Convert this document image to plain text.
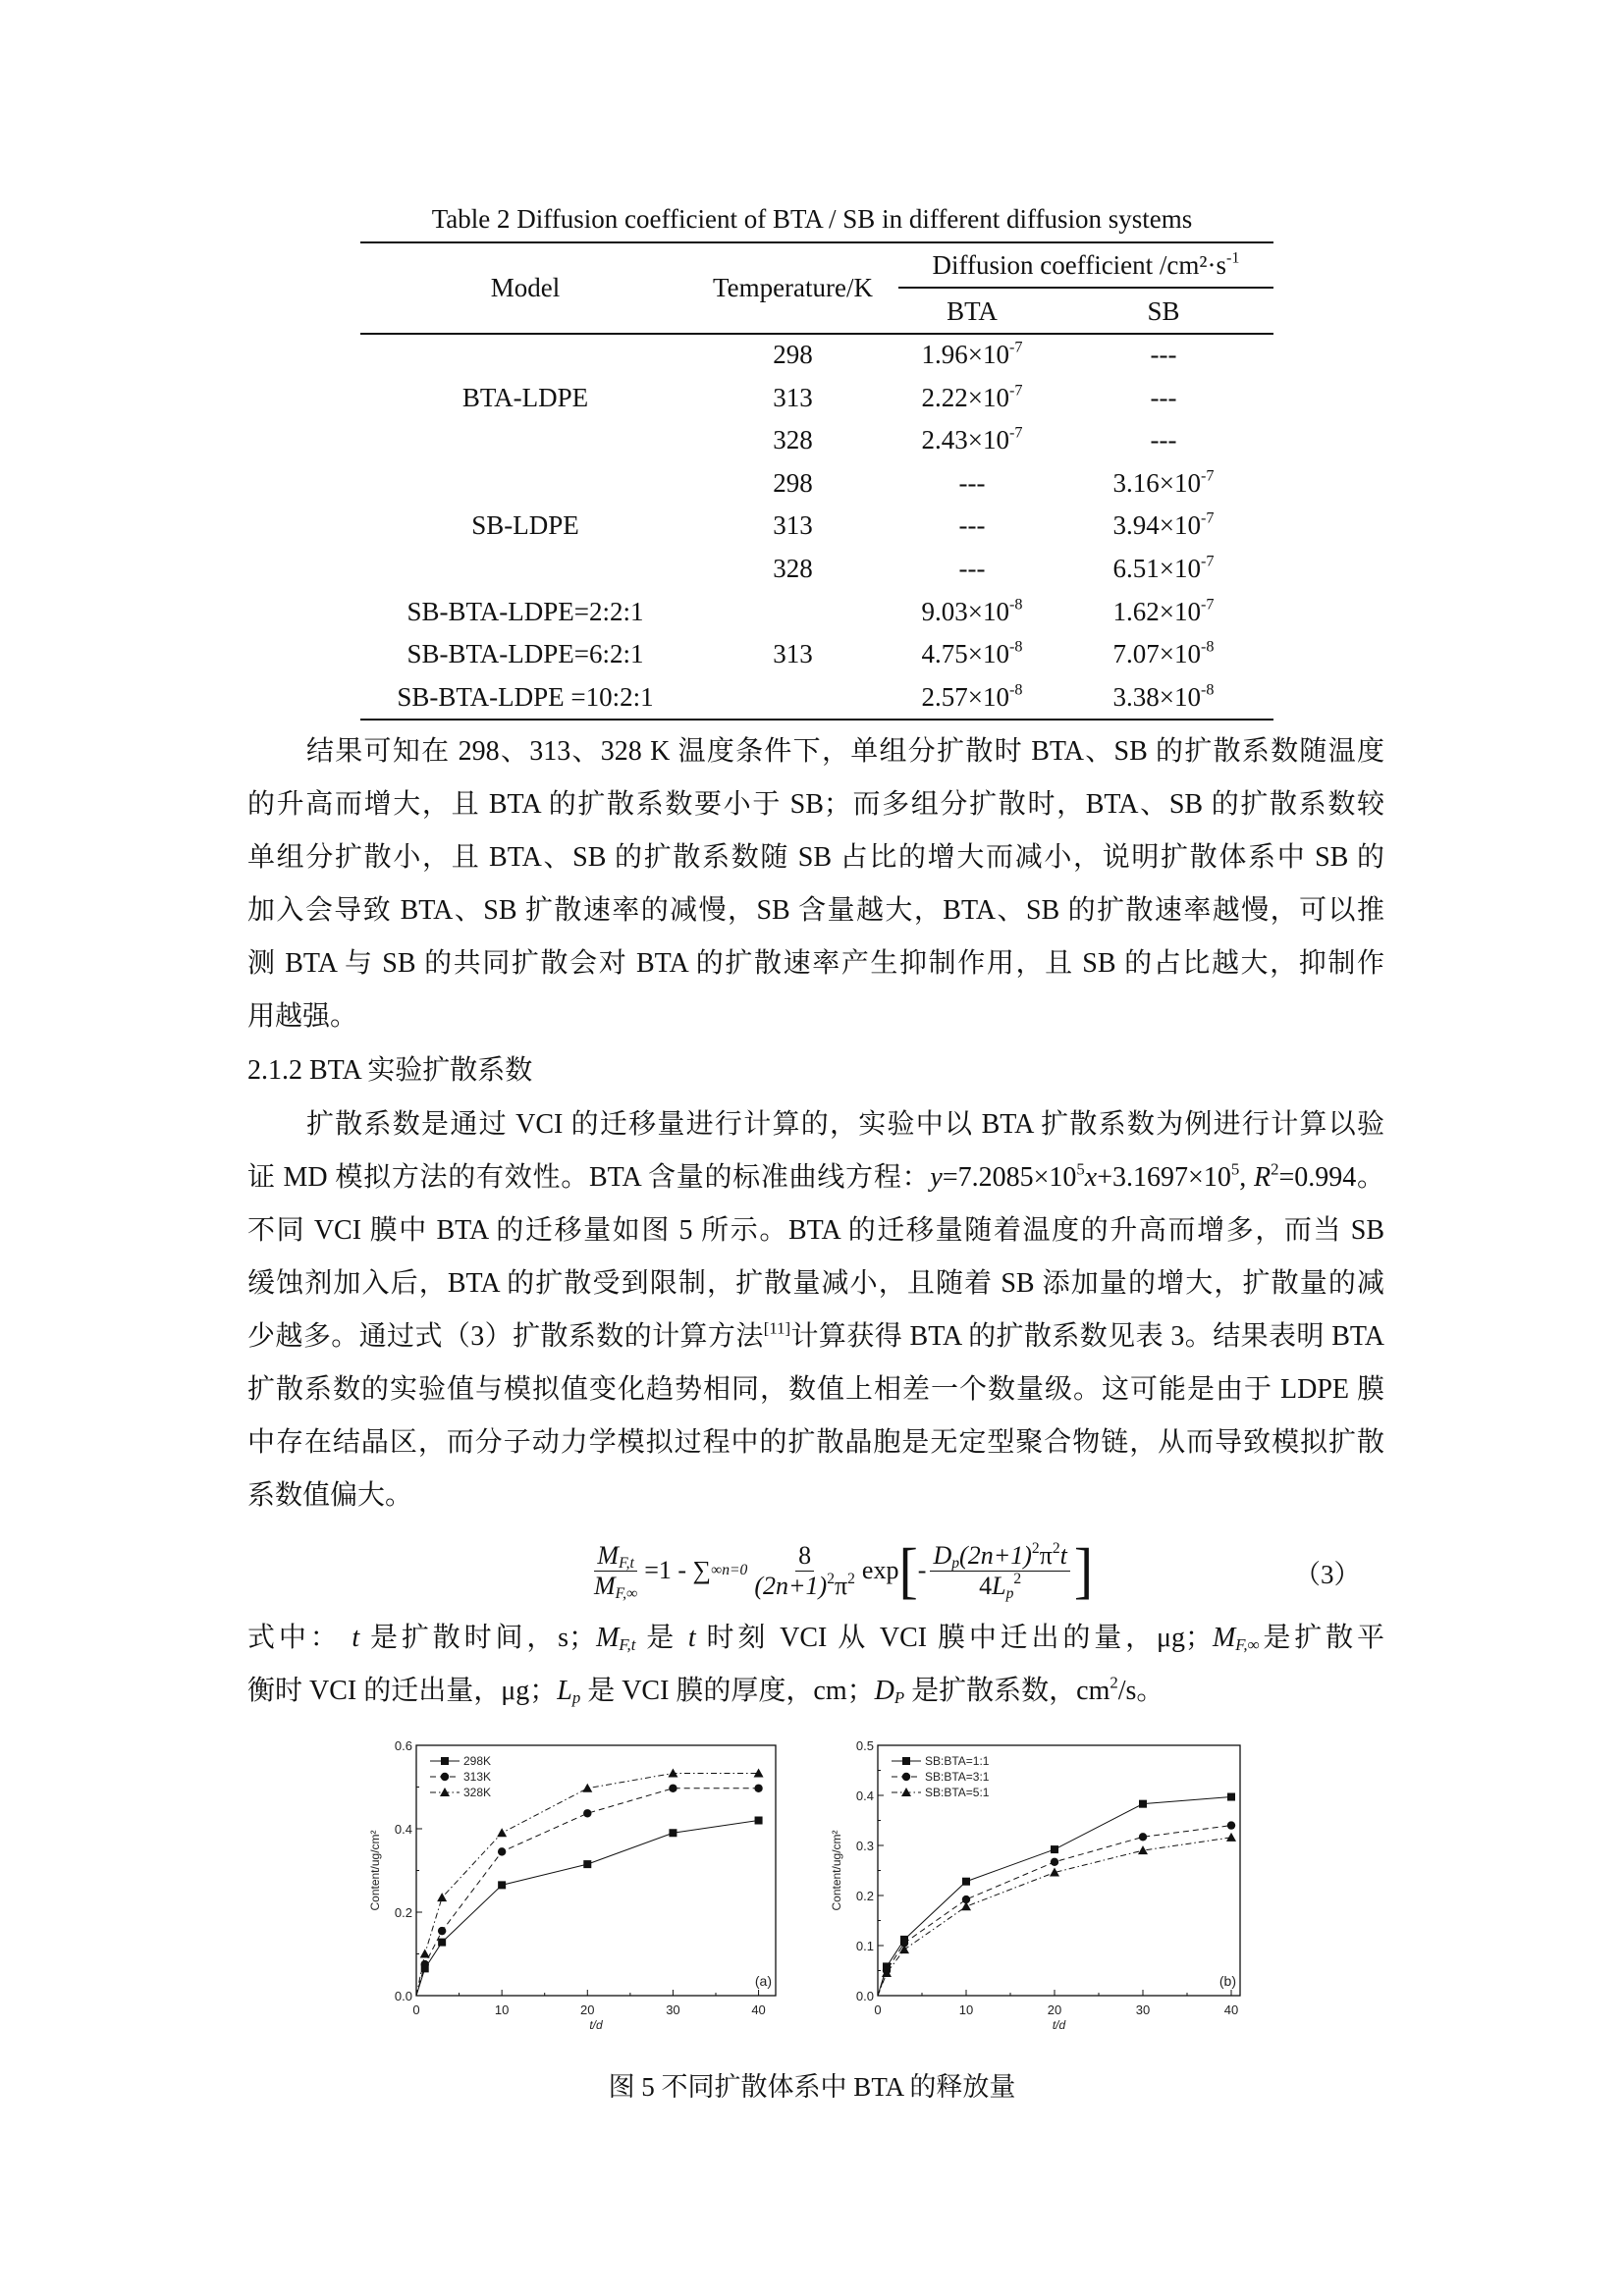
Table 2 Diffusion coefficient of BTA / SB in different diffusion systems
Model	Temperature/K
Diffusion coefficient $/cm^2\cdot s^{-1}$
BTA	SB
298	$1.96\times 10^{-7}$	---
BTA-LDPE	313	$2.22\times 10^{-7}$	---
328	$2.43\times 10^{-7}$	---
298	---	$3.16\times 10^{-7}$
SB-LDPE	313	---	$3.94\times 10^{-7}$
328	---	$6.51\times 10^{-7}$
SB-BTA-LDPE=2:2:1	$9.03\times 10^{-8}$	$1.62\times 10^{-7}$
SB-BTA-LDPE=6:2:1	313	$4.75\times 10^{-8}$	$7.07\times 10^{-8}$
SB-BTA-LDPE =10:2:1	$2.57\times 10^{-8}$	$3.38\times 10^{-8}$
结果可知在 298、313、328 K 温度条件下，单组分扩散时 BTA、SB 的扩散系数随温度
的升高而增大，且 BTA 的扩散系数要小于 SB；而多组分扩散时，BTA、SB 的扩散系数较
单组分扩散小，且 BTA、SB 的扩散系数随 SB 占比的增大而减小，说明扩散体系中 SB 的
加入会导致 BTA、SB 扩散速率的减慢，SB 含量越大，BTA、SB 的扩散速率越慢，可以推
测 BTA 与 SB 的共同扩散会对 BTA 的扩散速率产生抑制作用，且 SB 的占比越大，抑制作
用越强。
2.1.2 BTA 实验扩散系数
扩散系数是通过 VCI 的迁移量进行计算的，实验中以 BTA 扩散系数为例进行计算以验
证 MD 模拟方法的有效性。BTA 含量的标准曲线方程：$y=7.2085\times 10^5x+3.1697\times 10^5$, $R^2=0.994$。
不同 VCI 膜中 BTA 的迁移量如图 5 所示。BTA 的迁移量随着温度的升高而增多，而当 SB
缓蚀剂加入后，BTA 的扩散受到限制，扩散量减小，且随着 SB 添加量的增大，扩散量的减
少越多。通过式（3）扩散系数的计算方法[11]计算获得 BTA 的扩散系数见表 3。结果表明 BTA
扩散系数的实验值与模拟值变化趋势相同，数值上相差一个数量级。这可能是由于 LDPE 膜
中存在结晶区，而分子动力学模拟过程中的扩散晶胞是无定型聚合物链，从而导致模拟扩散
系数值偏大。
$\frac{M_{F,t}}{M_{F,\infty}} =1$ - ∑ ∞ $n=0 \frac{8}{(2n+1)^2\pi^2}$ exp [ - $\frac{D_p(2n+1)^2\pi^2t}{4L_p^2}$ ]	（3）
式中： t 是扩散时间，s；$M_{F,t}$ 是 t 时刻 VCI 从 VCI 膜中迁出的量，μg；$M_{F,\infty}$是扩散平
衡时 VCI 的迁出量，μg；$L_p$ 是 VCI 膜的厚度，cm；$D_P$ 是扩散系数，$cm^2/s$。
0	10	20	30	40
0.0
0.2
0.4
0.6
t/d
Content/ug/cm²
(a)
298K
313K
328K
0	10	20	30	40
0.0
0.1
0.2
0.3
0.4
0.5
t/d
Content/ug/cm²
(b)
SB:BTA=1:1
SB:BTA=3:1
SB:BTA=5:1
图 5 不同扩散体系中 BTA 的释放量
